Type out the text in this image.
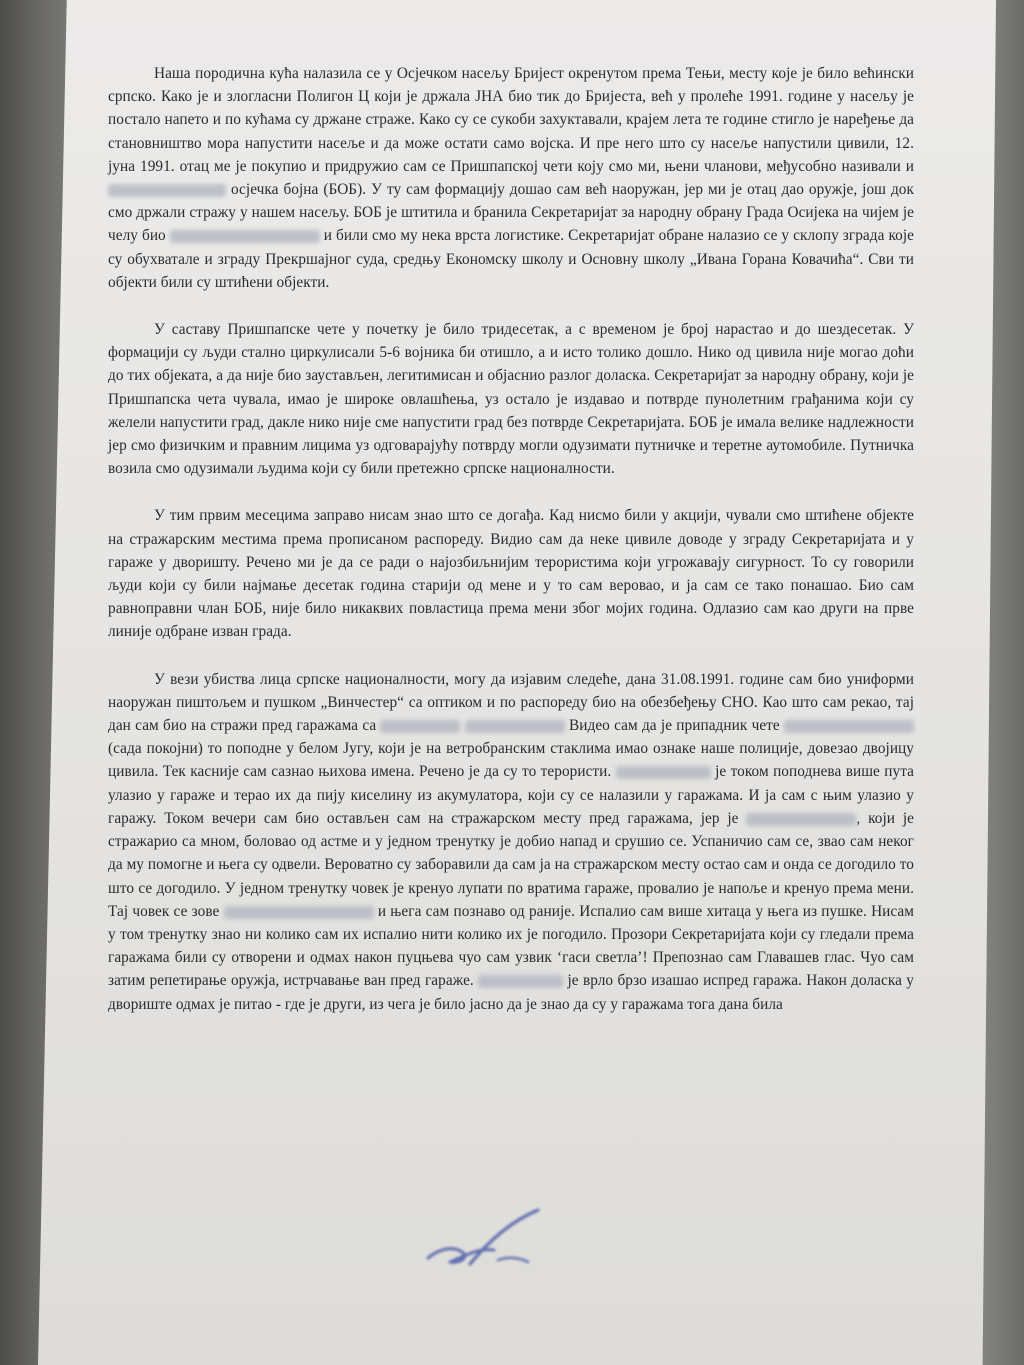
Наша породична кућа налазила се у Осјечком насељу Бријест окренутом према Тењи, месту које је било већински српско. Како је и злогласни Полигон Ц који је држала ЈНА био тик до Бријеста, већ у пролеће 1991. године у насељу је постало напето и по кућама су држане страже. Како су се сукоби захуктавали, крајем лета те године стигло је наређење да становништво мора напустити насеље и да може остати само војска. И пре него што су насеље напустили цивили, 12. јуна 1991. отац ме је покупио и придружио сам се Пришпапској чети коју смо ми, њени чланови, међусобно називали и  осјечка бојна (БОБ). У ту сам формацију дошао сам већ наоружан, јер ми је отац дао оружје, још док смо држали стражу у нашем насељу. БОБ је штитила и бранила Секретаријат за народну обрану Града Осијека на чијем је челу био	и били смо му нека врста логистике. Секретаријат обране налазио се у склопу зграда које су обухватале и зграду Прекршајног суда, средњу Економску школу и Основну школу „Ивана Горана Ковачића“. Сви ти објекти били су штићени објекти.

У саставу Пришпапске чете у почетку је било тридесетак, а с временом је број нарастао и до шездесетак. У формацији су људи стално циркулисали 5-6 војника би отишло, а и исто толико дошло. Нико од цивила није могао доћи до тих објеката, а да није био заустављен, легитимисан и објаснио разлог доласка. Секретаријат за народну обрану, који је Пришпапска чета чувала, имао је широке овлашћења, уз остало је издавао и потврде пунолетним грађанима који су желели напустити град, дакле нико није сме напустити град без потврде Секретаријата. БОБ је имала велике надлежности јер смо физичким и правним лицима уз одговарајућу потврду могли одузимати путничке и теретне аутомобиле. Путничка возила смо одузимали људима који су били претежно српске националности.

У тим првим месецима заправо нисам знао што се догађа. Кад нисмо били у акцији, чували смо штићене објекте на стражарским местима према прописаном распореду. Видио сам да неке цивиле доводе у зграду Секретаријата и у гараже у дворишту. Речено ми је да се ради о најозбиљнијим терористима који угрожавају сигурност. То су говорили људи који су били најмање десетак година старији од мене и у то сам веровао, и ја сам се тако понашао. Био сам равноправни члан БОБ, није било никаквих повластица према мени због мојих година. Одлазио сам као други на прве линије одбране изван града.

У вези убиства лица српске националности, могу да изјавим следеће, дана 31.08.1991. године сам био униформи наоружан пиштољем и пушком „Винчестер“ са оптиком и по распореду био на обезбеђењу СНО. Као што сам рекао, тај дан сам био на стражи пред гаражама са	Видео сам да је припадник чете  (сада покојни) то поподне у белом Југу, који је на ветробранским стаклима имао ознаке наше полиције, довезао двојицу цивила. Тек касније сам сазнао њихова имена. Речено је да су то терористи.	је током поподнева више пута улазио у гараже и терао их да пију киселину из акумулатора, који су се налазили у гаражама. И ја сам с њим улазио у гаражу. Током вечери сам био остављен сам на стражарском месту пред гаражама, јер је	, који је стражарио са мном, боловао од астме и у једном тренутку је добио напад и срушио се. Успаничио сам се, звао сам неког да му помогне и њега су одвели. Вероватно су заборавили да сам ја на стражарском месту остао сам и онда се догодило то што се догодило. У једном тренутку човек је кренуо лупати по вратима гараже, провалио је напоље и кренуо према мени. Тај човек се зове	и њега сам познаво од раније. Испалио сам више хитаца у њега из пушке. Нисам у том тренутку знао ни колико сам их испалио нити колико их је погодило. Прозори Секретаријата који су гледали према гаражама били су отворени и одмах након пуцњева чуо сам узвик ‘гаси светла’! Препознао сам Главашев глас. Чуо сам затим репетирање оружја, истрчавање ван пред гараже.	је врло брзо изашао испред гаража. Након доласка у двориште одмах је питао - где је други, из чега је било јасно да је знао да су у гаражама тога дана била
